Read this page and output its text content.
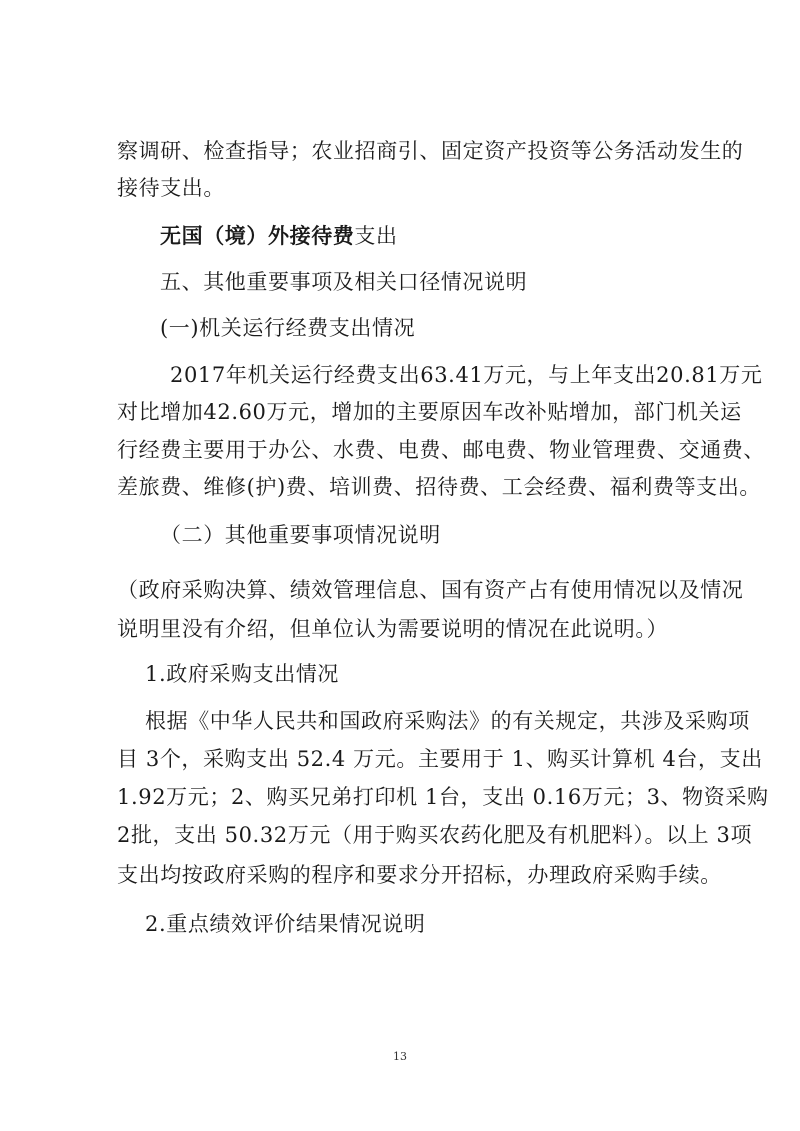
察调研、检查指导；农业招商引、固定资产投资等公务活动发生的
接待支出。
无国（境）外接待费支出
五、其他重要事项及相关口径情况说明
(一)机关运行经费支出情况
2017年机关运行经费支出63.41万元，与上年支出20.81万元
对比增加42.60万元，增加的主要原因车改补贴增加，部门机关运
行经费主要用于办公、水费、电费、邮电费、物业管理费、交通费、
差旅费、维修(护)费、培训费、招待费、工会经费、福利费等支出。
（二）其他重要事项情况说明
（政府采购决算、绩效管理信息、国有资产占有使用情况以及情况
说明里没有介绍，但单位认为需要说明的情况在此说明。）
1.政府采购支出情况
根据《中华人民共和国政府采购法》的有关规定，共涉及采购项
目 3个，采购支出 52.4 万元。主要用于 1、购买计算机 4台，支出
1.92万元；2、购买兄弟打印机 1台，支出 0.16万元；3、物资采购
2批，支出 50.32万元（用于购买农药化肥及有机肥料）。以上 3项
支出均按政府采购的程序和要求分开招标，办理政府采购手续。
2.重点绩效评价结果情况说明
13
